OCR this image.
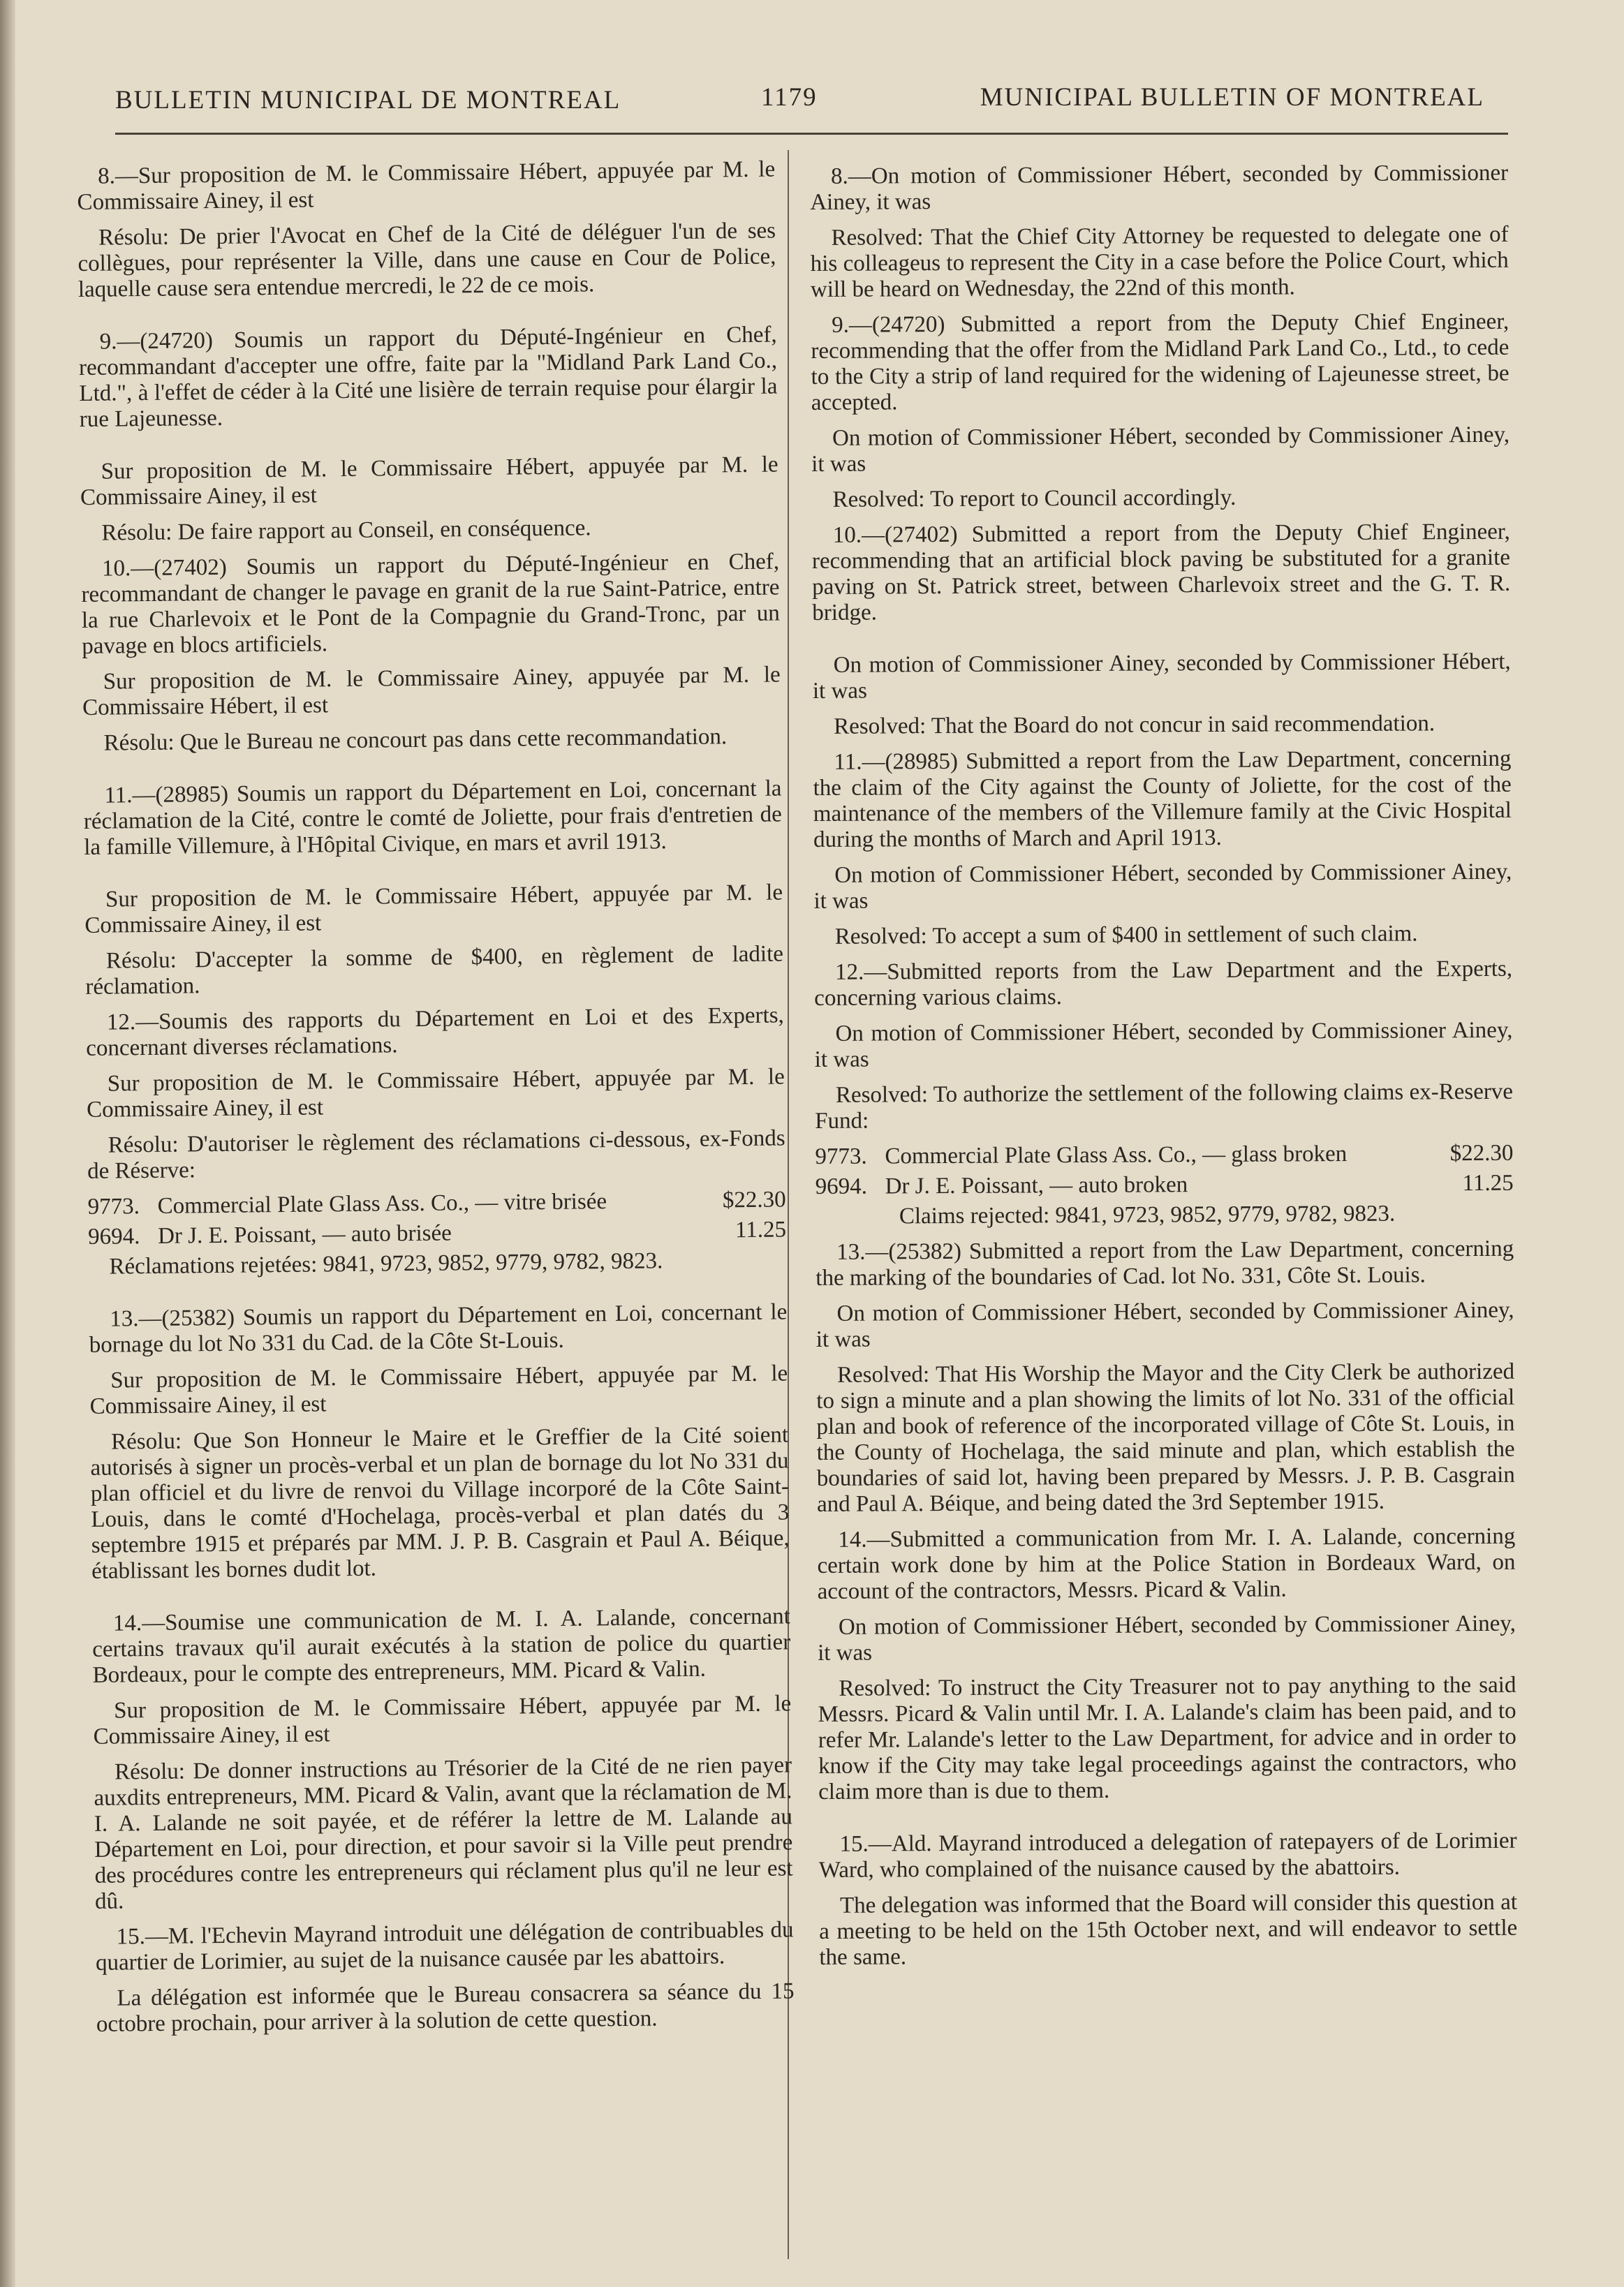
BULLETIN MUNICIPAL DE MONTREAL	1179	MUNICIPAL BULLETIN OF MONTREAL

8.—Sur proposition de M. le Commissaire Hébert, appuyée par M. le Commissaire Ainey, il est

Résolu: De prier l'Avocat en Chef de la Cité de déléguer l'un de ses collègues, pour représenter la Ville, dans une cause en Cour de Police, laquelle cause sera entendue mercredi, le 22 de ce mois.

9.—(24720) Soumis un rapport du Député-Ingénieur en Chef, recommandant d'accepter une offre, faite par la "Midland Park Land Co., Ltd.", à l'effet de céder à la Cité une lisière de terrain requise pour élargir la rue Lajeunesse.

Sur proposition de M. le Commissaire Hébert, appuyée par M. le Commissaire Ainey, il est

Résolu: De faire rapport au Conseil, en conséquence.

10.—(27402) Soumis un rapport du Député-Ingénieur en Chef, recommandant de changer le pavage en granit de la rue Saint-Patrice, entre la rue Charlevoix et le Pont de la Compagnie du Grand-Tronc, par un pavage en blocs artificiels.

Sur proposition de M. le Commissaire Ainey, appuyée par M. le Commissaire Hébert, il est

Résolu: Que le Bureau ne concourt pas dans cette recommandation.

11.—(28985) Soumis un rapport du Département en Loi, concernant la réclamation de la Cité, contre le comté de Joliette, pour frais d'entretien de la famille Villemure, à l'Hôpital Civique, en mars et avril 1913.

Sur proposition de M. le Commissaire Hébert, appuyée par M. le Commissaire Ainey, il est

Résolu: D'accepter la somme de $400, en règlement de ladite réclamation.

12.—Soumis des rapports du Département en Loi et des Experts, concernant diverses réclamations.

Sur proposition de M. le Commissaire Hébert, appuyée par M. le Commissaire Ainey, il est

Résolu: D'autoriser le règlement des réclamations ci-dessous, ex-Fonds de Réserve:

9773. Commercial Plate Glass Ass. Co., — vitre brisée	$22.30
9694. Dr J. E. Poissant, — auto brisée	11.25

Réclamations rejetées: 9841, 9723, 9852, 9779, 9782, 9823.

13.—(25382) Soumis un rapport du Département en Loi, concernant le bornage du lot No 331 du Cad. de la Côte St-Louis.

Sur proposition de M. le Commissaire Hébert, appuyée par M. le Commissaire Ainey, il est

Résolu: Que Son Honneur le Maire et le Greffier de la Cité soient autorisés à signer un procès-verbal et un plan de bornage du lot No 331 du plan officiel et du livre de renvoi du Village incorporé de la Côte Saint-Louis, dans le comté d'Hochelaga, procès-verbal et plan datés du 3 septembre 1915 et préparés par MM. J. P. B. Casgrain et Paul A. Béique, établissant les bornes dudit lot.

14.—Soumise une communication de M. I. A. Lalande, concernant certains travaux qu'il aurait exécutés à la station de police du quartier Bordeaux, pour le compte des entrepreneurs, MM. Picard & Valin.

Sur proposition de M. le Commissaire Hébert, appuyée par M. le Commissaire Ainey, il est

Résolu: De donner instructions au Trésorier de la Cité de ne rien payer auxdits entrepreneurs, MM. Picard & Valin, avant que la réclamation de M. I. A. Lalande ne soit payée, et de référer la lettre de M. Lalande au Département en Loi, pour direction, et pour savoir si la Ville peut prendre des procédures contre les entrepreneurs qui réclament plus qu'il ne leur est dû.

15.—M. l'Echevin Mayrand introduit une délégation de contribuables du quartier de Lorimier, au sujet de la nuisance causée par les abattoirs.

La délégation est informée que le Bureau consacrera sa séance du 15 octobre prochain, pour arriver à la solution de cette question.

8.—On motion of Commissioner Hébert, seconded by Commissioner Ainey, it was

Resolved: That the Chief City Attorney be requested to delegate one of his colleageus to represent the City in a case before the Police Court, which will be heard on Wednesday, the 22nd of this month.

9.—(24720) Submitted a report from the Deputy Chief Engineer, recommending that the offer from the Midland Park Land Co., Ltd., to cede to the City a strip of land required for the widening of Lajeunesse street, be accepted.

On motion of Commissioner Hébert, seconded by Commissioner Ainey, it was

Resolved: To report to Council accordingly.

10.—(27402) Submitted a report from the Deputy Chief Engineer, recommending that an artificial block paving be substituted for a granite paving on St. Patrick street, between Charlevoix street and the G. T. R. bridge.

On motion of Commissioner Ainey, seconded by Commissioner Hébert, it was

Resolved: That the Board do not concur in said recommendation.

11.—(28985) Submitted a report from the Law Department, concerning the claim of the City against the County of Joliette, for the cost of the maintenance of the members of the Villemure family at the Civic Hospital during the months of March and April 1913.

On motion of Commissioner Hébert, seconded by Commissioner Ainey, it was

Resolved: To accept a sum of $400 in settlement of such claim.

12.—Submitted reports from the Law Department and the Experts, concerning various claims.

On motion of Commissioner Hébert, seconded by Commissioner Ainey, it was

Resolved: To authorize the settlement of the following claims ex-Reserve Fund:

9773. Commercial Plate Glass Ass. Co., — glass broken	$22.30
9694. Dr J. E. Poissant, — auto broken	11.25

Claims rejected: 9841, 9723, 9852, 9779, 9782, 9823.

13.—(25382) Submitted a report from the Law Department, concerning the marking of the boundaries of Cad. lot No. 331, Côte St. Louis.

On motion of Commissioner Hébert, seconded by Commissioner Ainey, it was

Resolved: That His Worship the Mayor and the City Clerk be authorized to sign a minute and a plan showing the limits of lot No. 331 of the official plan and book of reference of the incorporated village of Côte St. Louis, in the County of Hochelaga, the said minute and plan, which establish the boundaries of said lot, having been prepared by Messrs. J. P. B. Casgrain and Paul A. Béique, and being dated the 3rd September 1915.

14.—Submitted a communication from Mr. I. A. Lalande, concerning certain work done by him at the Police Station in Bordeaux Ward, on account of the contractors, Messrs. Picard & Valin.

On motion of Commissioner Hébert, seconded by Commissioner Ainey, it was

Resolved: To instruct the City Treasurer not to pay anything to the said Messrs. Picard & Valin until Mr. I. A. Lalande's claim has been paid, and to refer Mr. Lalande's letter to the Law Department, for advice and in order to know if the City may take legal proceedings against the contractors, who claim more than is due to them.

15.—Ald. Mayrand introduced a delegation of ratepayers of de Lorimier Ward, who complained of the nuisance caused by the abattoirs.

The delegation was informed that the Board will consider this question at a meeting to be held on the 15th October next, and will endeavor to settle the same.
